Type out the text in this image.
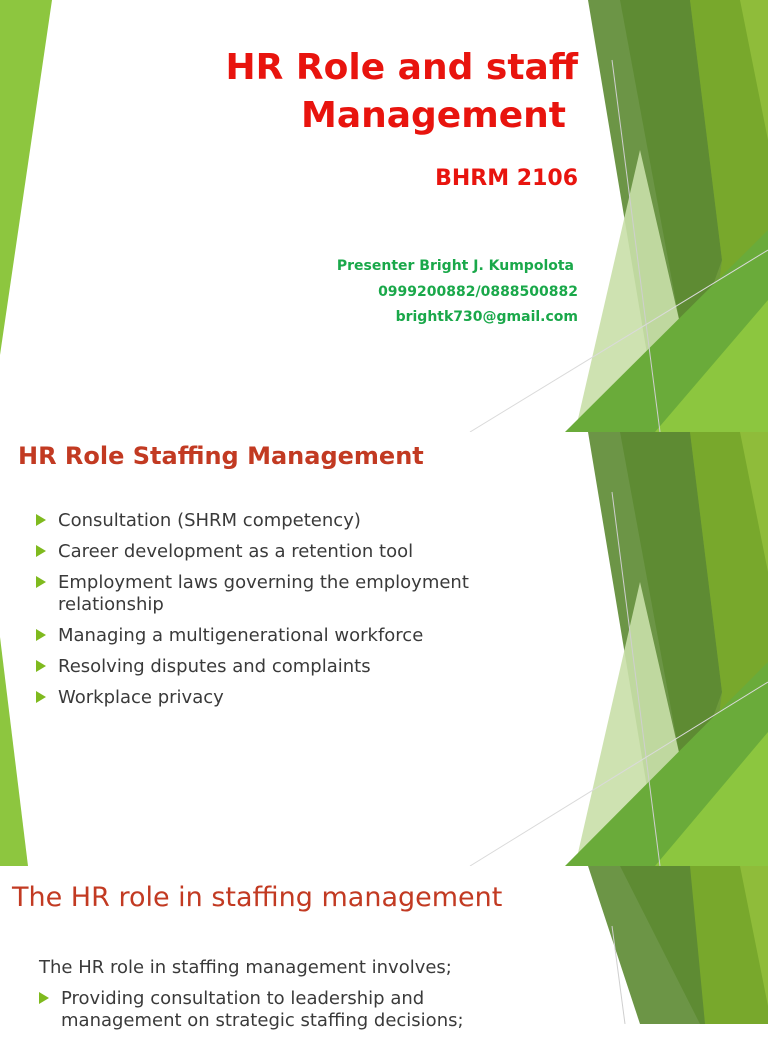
HR Role and staff
Management
BHRM 2106
Presenter Bright J. Kumpolota
0999200882/0888500882
brightk730@gmail.com
HR Role Staffing Management
Consultation (SHRM competency)
Career development as a retention tool
Employment laws governing the employment
relationship
Managing a multigenerational workforce
Resolving disputes and complaints
Workplace privacy
The HR role in staffing management
The HR role in staffing management involves;
Providing consultation to leadership and
management on strategic staffing decisions;
